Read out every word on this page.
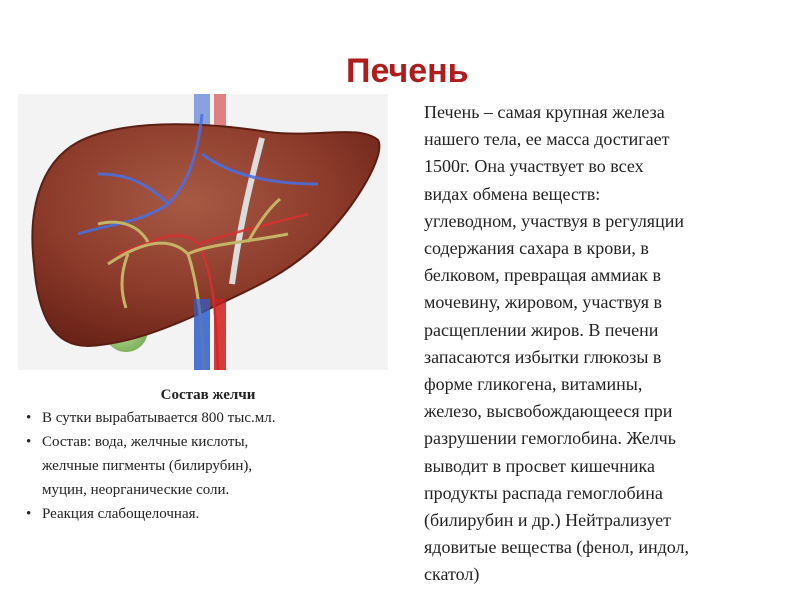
Печень

Состав желчи

• В сутки вырабатывается 800 тыс.мл.
• Состав: вода, желчные кислоты,
желчные пигменты (билирубин),
муцин, неорганические соли.
• Реакция слабощелочная.

Печень – самая крупная железа
нашего тела, ее масса достигает
1500г. Она участвует во всех
видах обмена веществ:
углеводном, участвуя в регуляции
содержания сахара в крови, в
белковом, превращая аммиак в
мочевину, жировом, участвуя в
расщеплении жиров. В печени
запасаются избытки глюкозы в
форме гликогена, витамины,
железо, высвобождающееся при
разрушении гемоглобина. Желчь
выводит в просвет кишечника
продукты распада гемоглобина
(билирубин и др.) Нейтрализует
ядовитые вещества (фенол, индол,
скатол)
